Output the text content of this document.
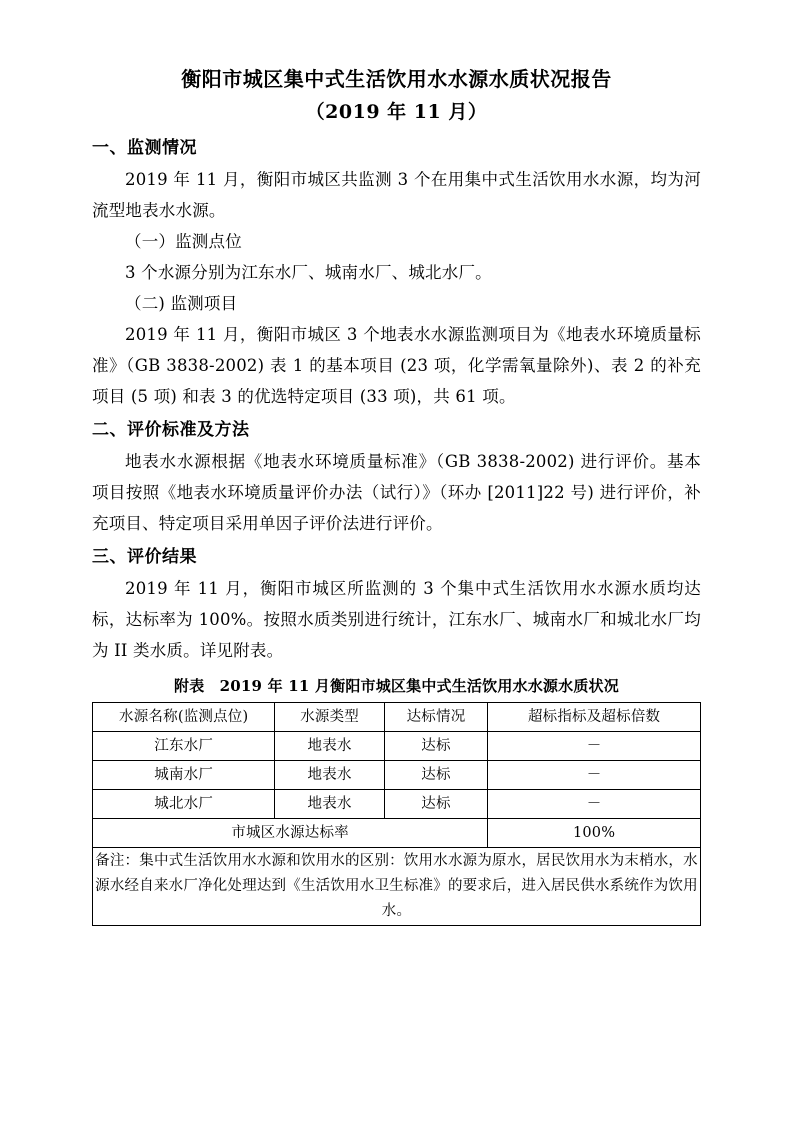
衡阳市城区集中式生活饮用水水源水质状况报告
（2019 年 11 月）
一、监测情况

2019 年 11 月，衡阳市城区共监测 3 个在用集中式生活饮用水水源，均为河流型地表水水源。

（一）监测点位

3 个水源分别为江东水厂、城南水厂、城北水厂。

（二) 监测项目

2019 年 11 月，衡阳市城区 3 个地表水水源监测项目为《地表水环境质量标准》（GB 3838-2002) 表 1 的基本项目 (23 项，化学需氧量除外)、表 2 的补充项目 (5 项) 和表 3 的优选特定项目 (33 项)，共 61 项。

二、评价标准及方法

地表水水源根据《地表水环境质量标准》（GB 3838-2002) 进行评价。基本项目按照《地表水环境质量评价办法（试行）》（环办 [2011]22 号) 进行评价，补充项目、特定项目采用单因子评价法进行评价。

三、评价结果

2019 年 11 月，衡阳市城区所监测的 3 个集中式生活饮用水水源水质均达标，达标率为 100%。按照水质类别进行统计，江东水厂、城南水厂和城北水厂均为 II 类水质。详见附表。

附表　2019 年 11 月衡阳市城区集中式生活饮用水水源水质状况
水源名称(监测点位)	水源类型	达标情况	超标指标及超标倍数
江东水厂	地表水	达标	－
城南水厂	地表水	达标	－
城北水厂	地表水	达标	－
市城区水源达标率			100%
备注：集中式生活饮用水水源和饮用水的区别：饮用水水源为原水，居民饮用水为末梢水，水源水经自来水厂净化处理达到《生活饮用水卫生标准》的要求后，进入居民供水系统作为饮用水。			
